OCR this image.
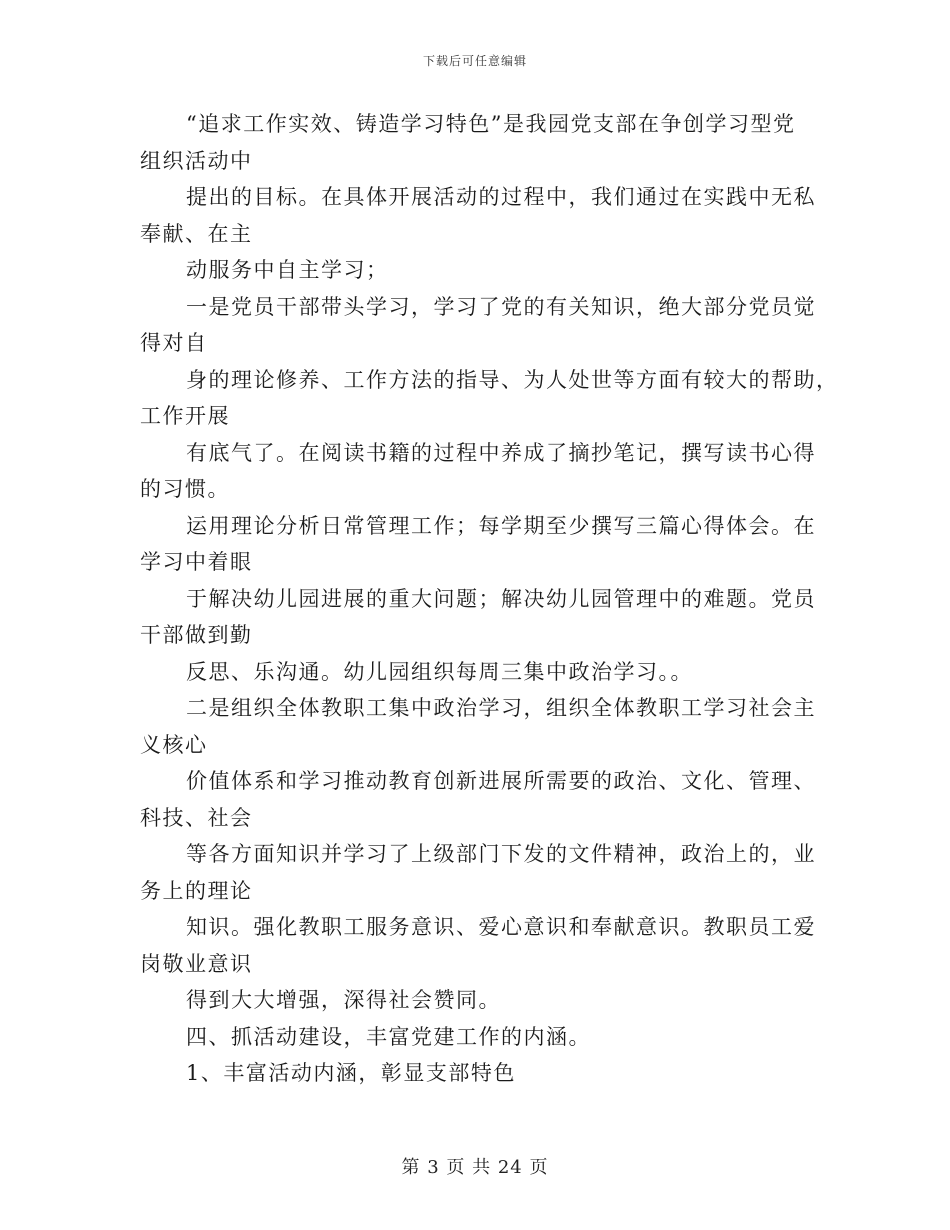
下载后可任意编辑
“追求工作实效、铸造学习特色”是我园党支部在争创学习型党
组织活动中
提出的目标。在具体开展活动的过程中，我们通过在实践中无私
奉献、在主
动服务中自主学习；
一是党员干部带头学习，学习了党的有关知识，绝大部分党员觉
得对自
身的理论修养、工作方法的指导、为人处世等方面有较大的帮助，
工作开展
有底气了。在阅读书籍的过程中养成了摘抄笔记，撰写读书心得
的习惯。
运用理论分析日常管理工作；每学期至少撰写三篇心得体会。在
学习中着眼
于解决幼儿园进展的重大问题；解决幼儿园管理中的难题。党员
干部做到勤
反思、乐沟通。幼儿园组织每周三集中政治学习。。
二是组织全体教职工集中政治学习，组织全体教职工学习社会主
义核心
价值体系和学习推动教育创新进展所需要的政治、文化、管理、
科技、社会
等各方面知识并学习了上级部门下发的文件精神，政治上的，业
务上的理论
知识。强化教职工服务意识、爱心意识和奉献意识。教职员工爱
岗敬业意识
得到大大增强，深得社会赞同。
四、抓活动建设，丰富党建工作的内涵。
1、丰富活动内涵，彰显支部特色
第 3 页 共 24 页
